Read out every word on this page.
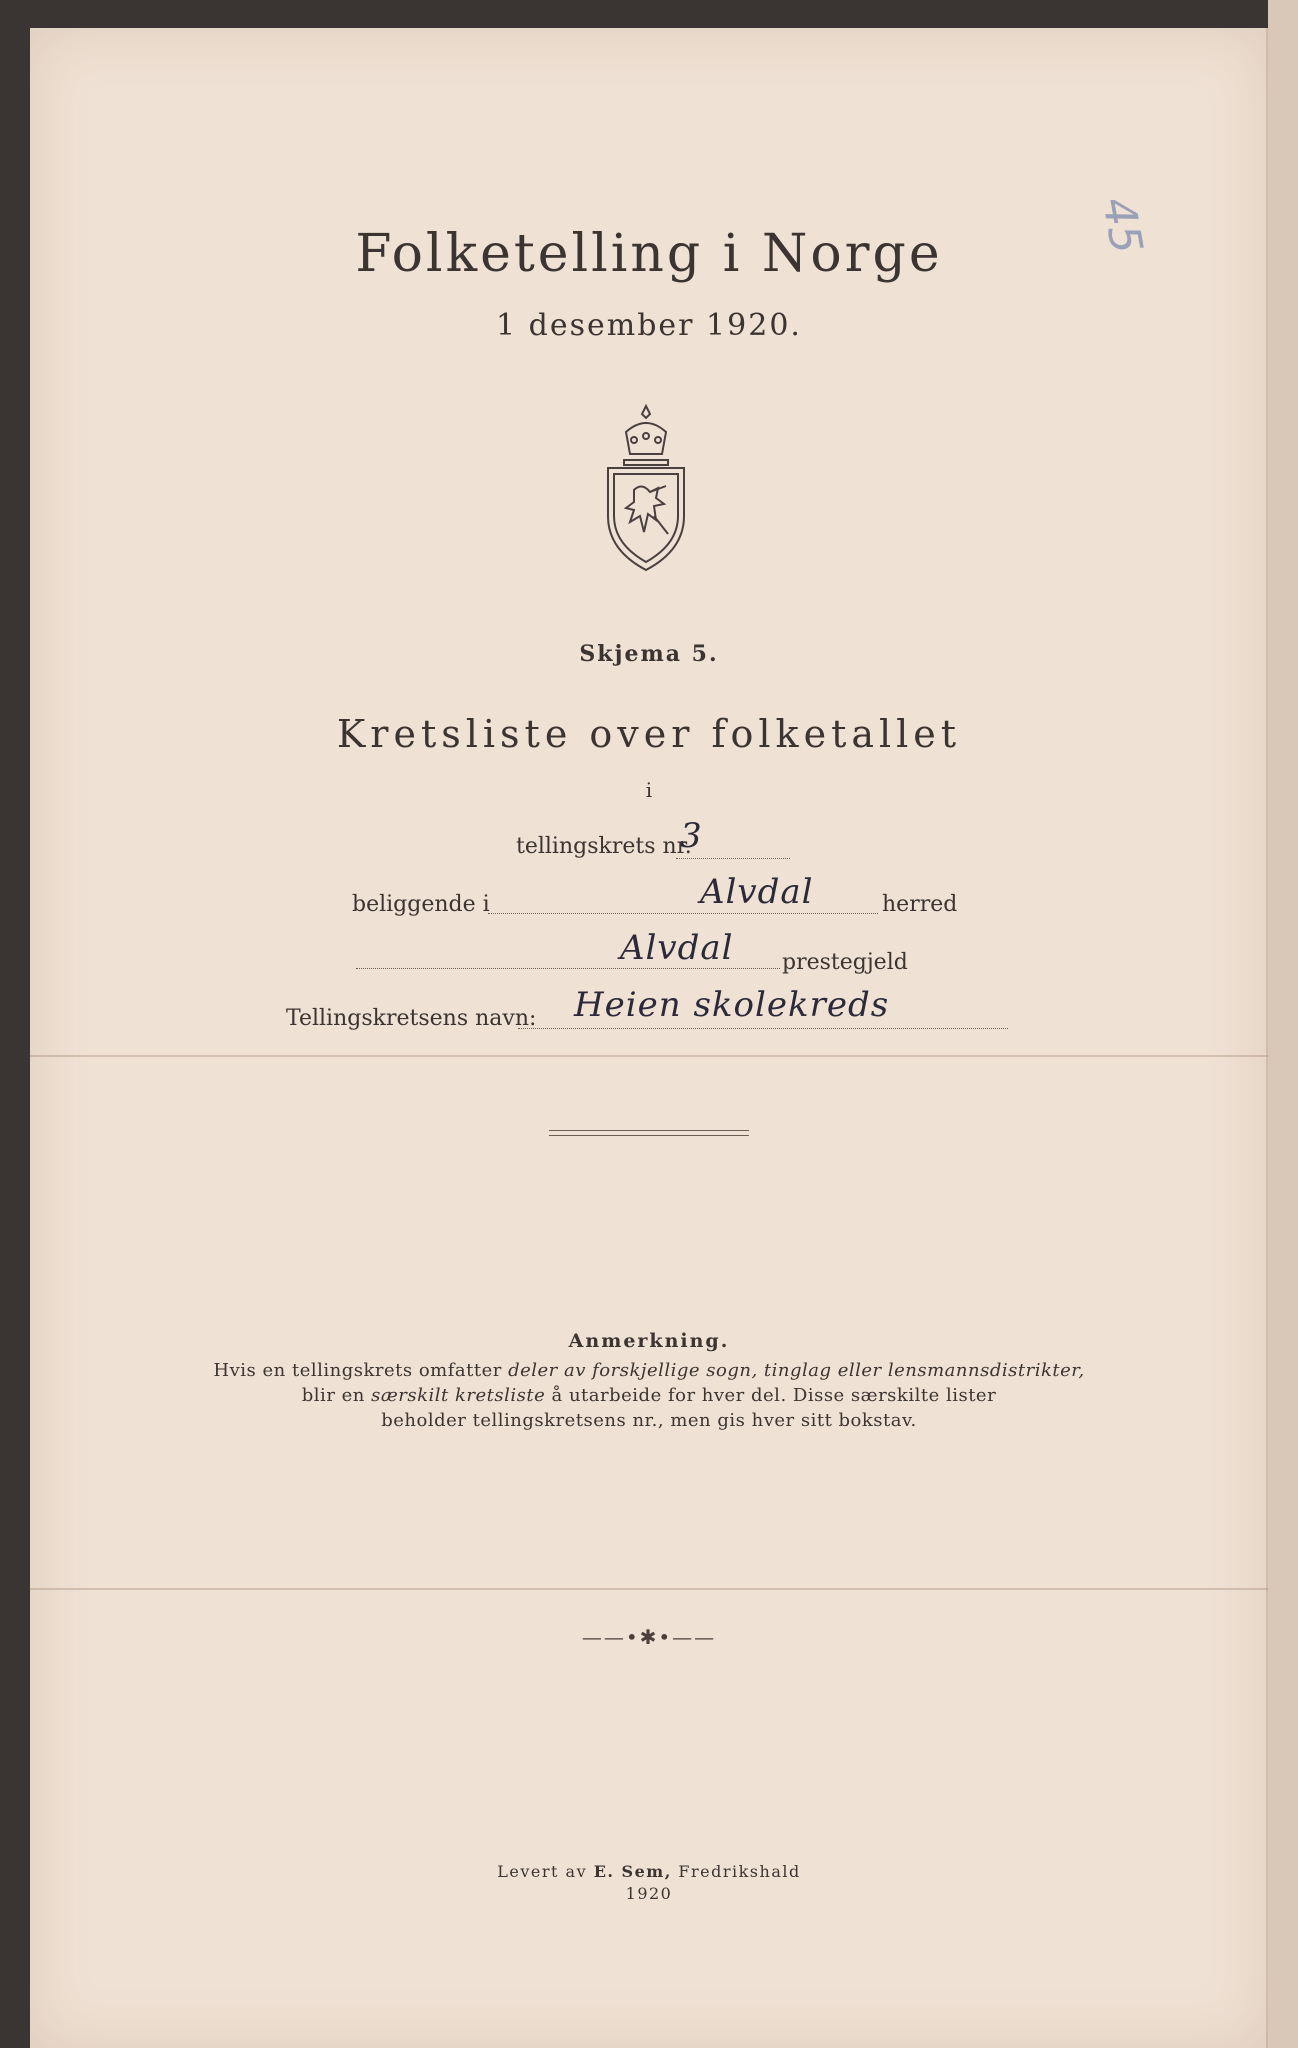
45
Folketelling i Norge
1 desember 1920.
Skjema 5.
Kretsliste over folketallet
i
tellingskrets nr.
3
beliggende i	Alvdal	herred
Alvdal prestegjeld
Tellingskretsens navn: Heien skolekreds
Anmerkning.
Hvis en tellingskrets omfatter deler av forskjellige sogn, tinglag eller lensmannsdistrikter,
blir en særskilt kretsliste å utarbeide for hver del. Disse særskilte lister
beholder tellingskretsens nr., men gis hver sitt bokstav.
——•✱•——
Levert av E. Sem, Fredrikshald
1920
